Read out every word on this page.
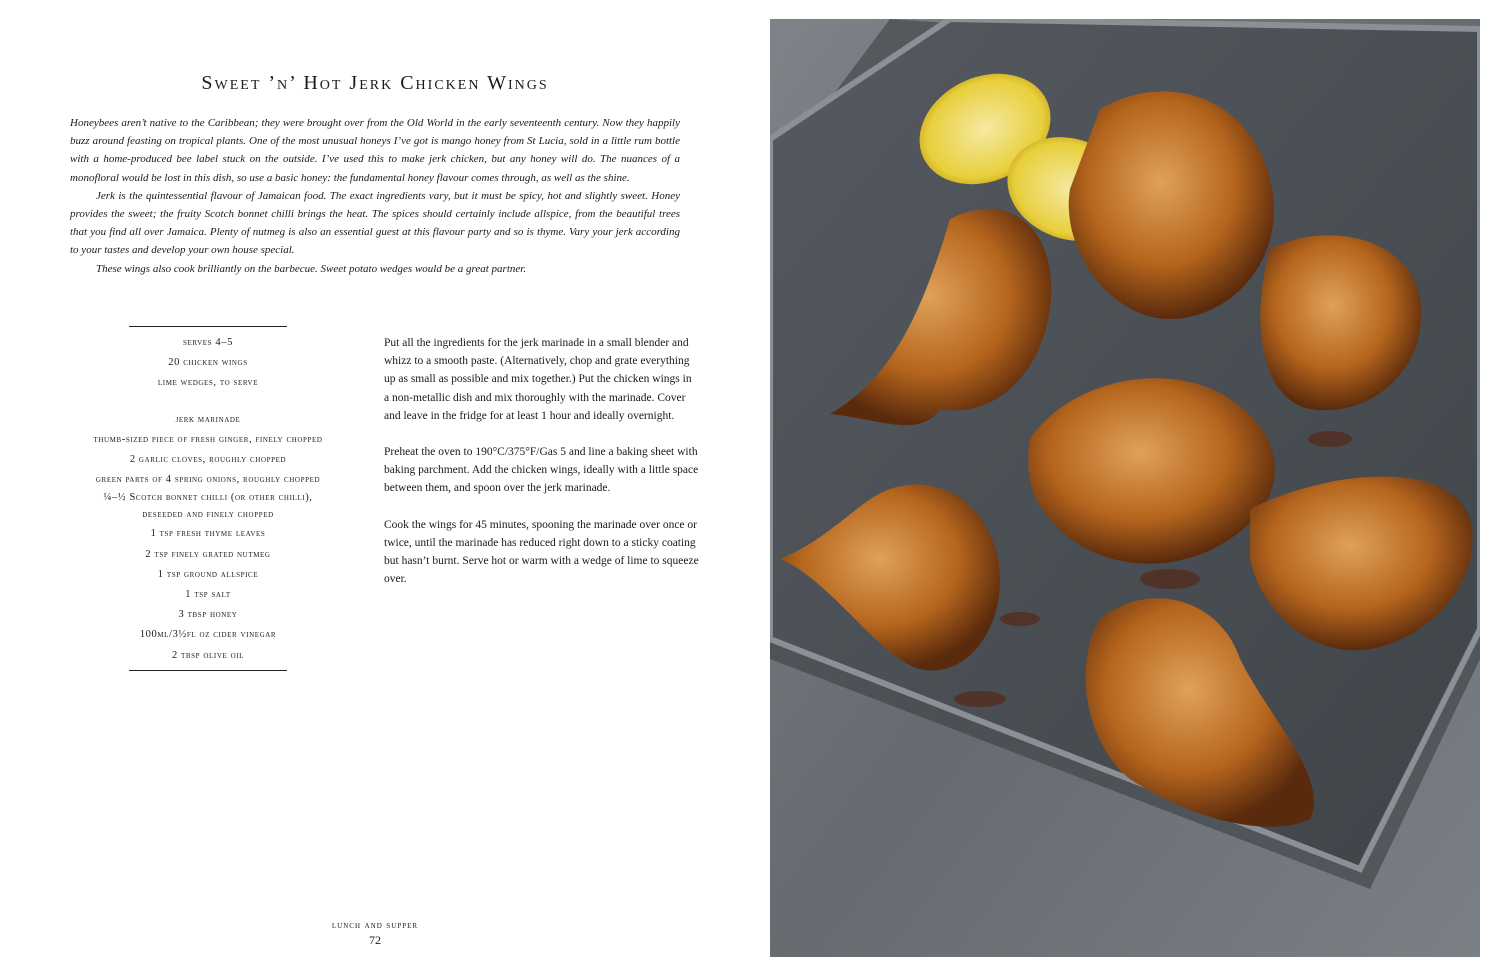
Sweet ’n’ Hot Jerk Chicken Wings

Honeybees aren’t native to the Caribbean; they were brought over from the Old World in the early seventeenth century. Now they happily buzz around feasting on tropical plants. One of the most unusual honeys I’ve got is mango honey from St Lucia, sold in a little rum bottle with a home-produced bee label stuck on the outside. I’ve used this to make jerk chicken, but any honey will do. The nuances of a monofloral would be lost in this dish, so use a basic honey: the fundamental honey flavour comes through, as well as the shine.

Jerk is the quintessential flavour of Jamaican food. The exact ingredients vary, but it must be spicy, hot and slightly sweet. Honey provides the sweet; the fruity Scotch bonnet chilli brings the heat. The spices should certainly include allspice, from the beautiful trees that you find all over Jamaica. Plenty of nutmeg is also an essential guest at this flavour party and so is thyme. Vary your jerk according to your tastes and develop your own house special.

These wings also cook brilliantly on the barbecue. Sweet potato wedges would be a great partner.

serves 4–5
20 chicken wings
lime wedges, to serve
jerk marinade
thumb-sized piece of fresh ginger, finely chopped
2 garlic cloves, roughly chopped
green parts of 4 spring onions, roughly chopped
¼–½ Scotch bonnet chilli (or other chilli),
deseeded and finely chopped
1 tsp fresh thyme leaves
2 tsp finely grated nutmeg
1 tsp ground allspice
1 tsp salt
3 tbsp honey
100ml/3½fl oz cider vinegar
2 tbsp olive oil

Put all the ingredients for the jerk marinade in a small blender and whizz to a smooth paste. (Alternatively, chop and grate everything up as small as possible and mix together.) Put the chicken wings in a non-metallic dish and mix thoroughly with the marinade. Cover and leave in the fridge for at least 1 hour and ideally overnight.

Preheat the oven to 190°C/375°F/Gas 5 and line a baking sheet with baking parchment. Add the chicken wings, ideally with a little space between them, and spoon over the jerk marinade.

Cook the wings for 45 minutes, spooning the marinade over once or twice, until the marinade has reduced right down to a sticky coating but hasn’t burnt. Serve hot or warm with a wedge of lime to squeeze over.

lunch and supper
72
